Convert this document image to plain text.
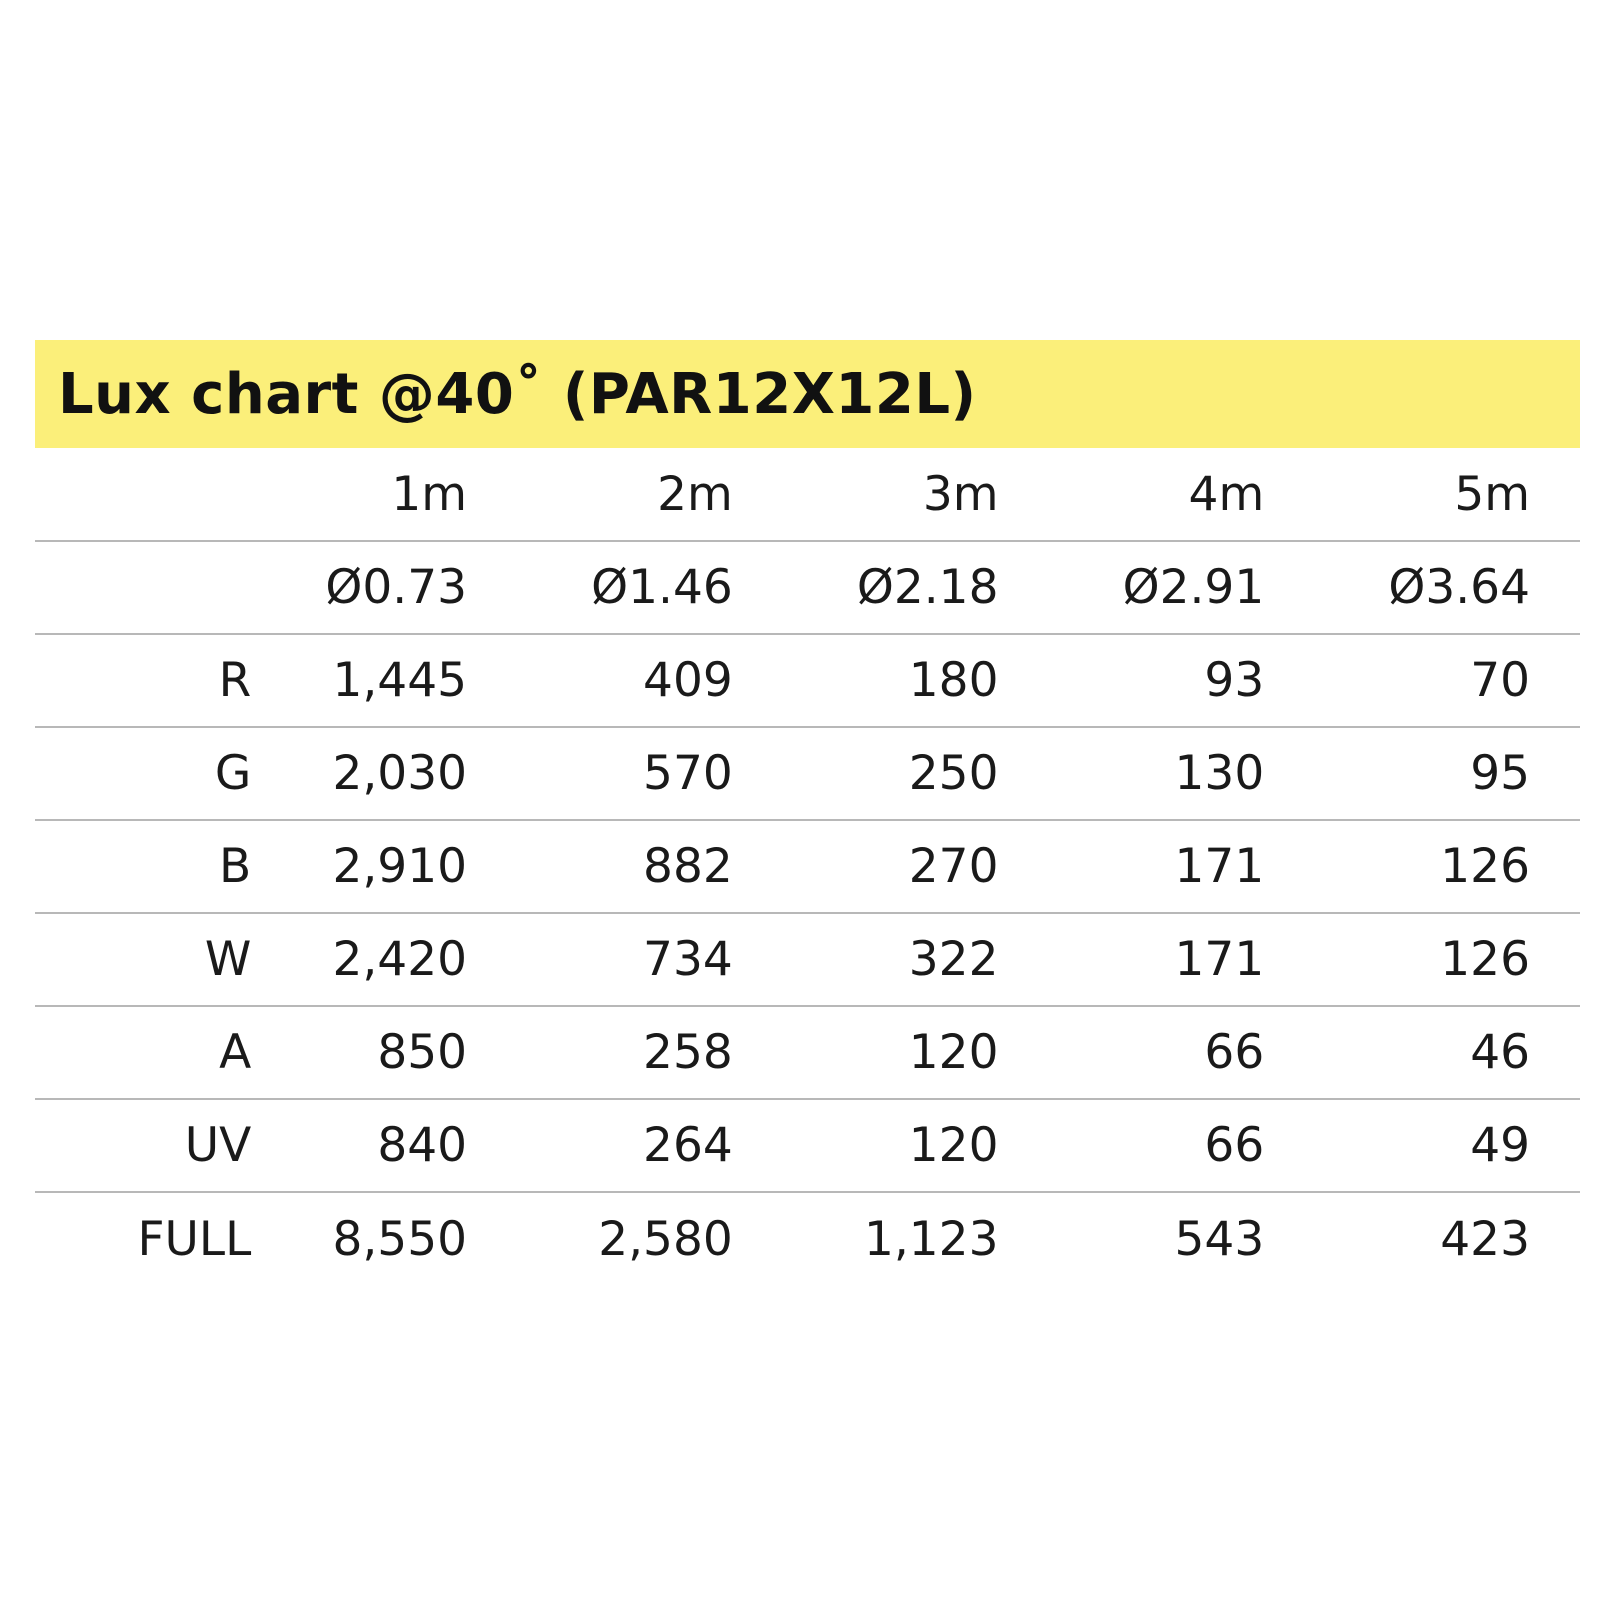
Lux chart @40˚ (PAR12X12L)
	1m	2m	3m	4m	5m
	Ø0.73	Ø1.46	Ø2.18	Ø2.91	Ø3.64
R	1,445	409	180	93	70
G	2,030	570	250	130	95
B	2,910	882	270	171	126
W	2,420	734	322	171	126
A	850	258	120	66	46
UV	840	264	120	66	49
FULL	8,550	2,580	1,123	543	423
